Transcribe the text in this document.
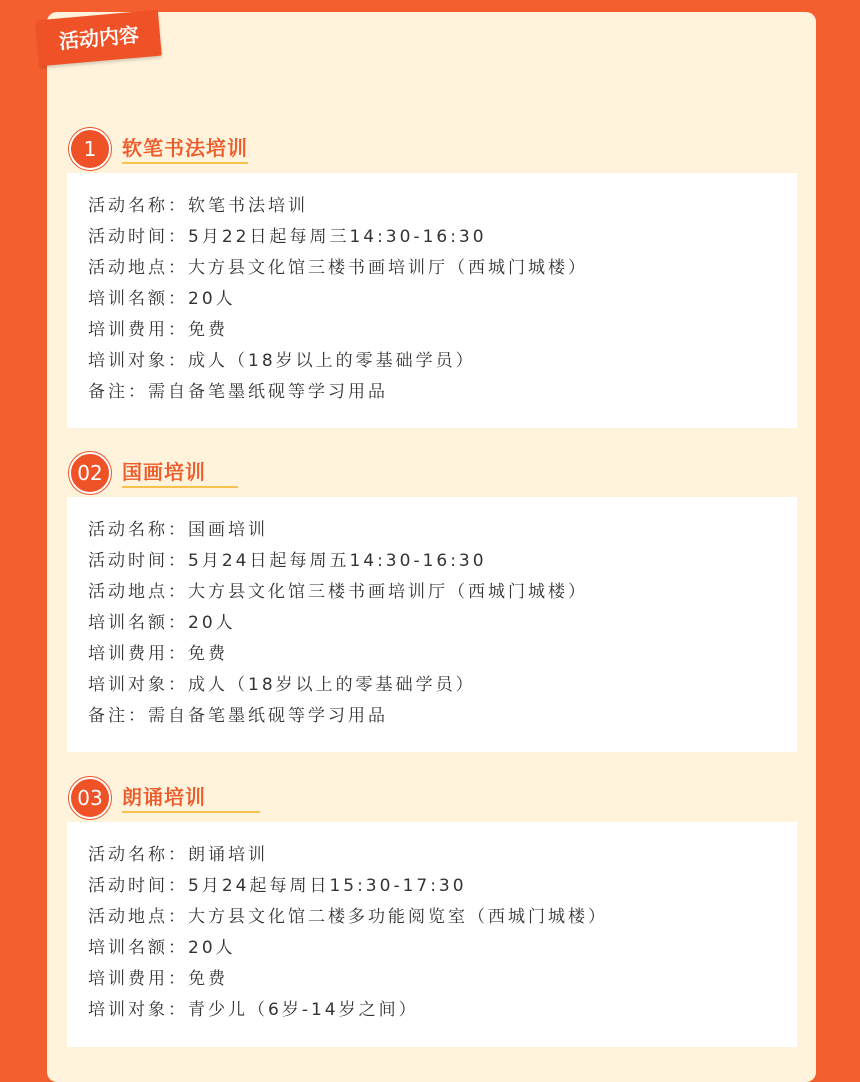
活动内容
1	软笔书法培训
活动名称：软笔书法培训
活动时间：5月22日起每周三14:30-16:30
活动地点：大方县文化馆三楼书画培训厅（西城门城楼）
培训名额：20人
培训费用：免费
培训对象：成人（18岁以上的零基础学员）
备注：需自备笔墨纸砚等学习用品
02 国画培训
活动名称：国画培训
活动时间：5月24日起每周五14:30-16:30
活动地点：大方县文化馆三楼书画培训厅（西城门城楼）
培训名额：20人
培训费用：免费
培训对象：成人（18岁以上的零基础学员）
备注：需自备笔墨纸砚等学习用品
03 朗诵培训
活动名称：朗诵培训
活动时间：5月24起每周日15:30-17:30
活动地点：大方县文化馆二楼多功能阅览室（西城门城楼）
培训名额：20人
培训费用：免费
培训对象：青少儿（6岁-14岁之间）
